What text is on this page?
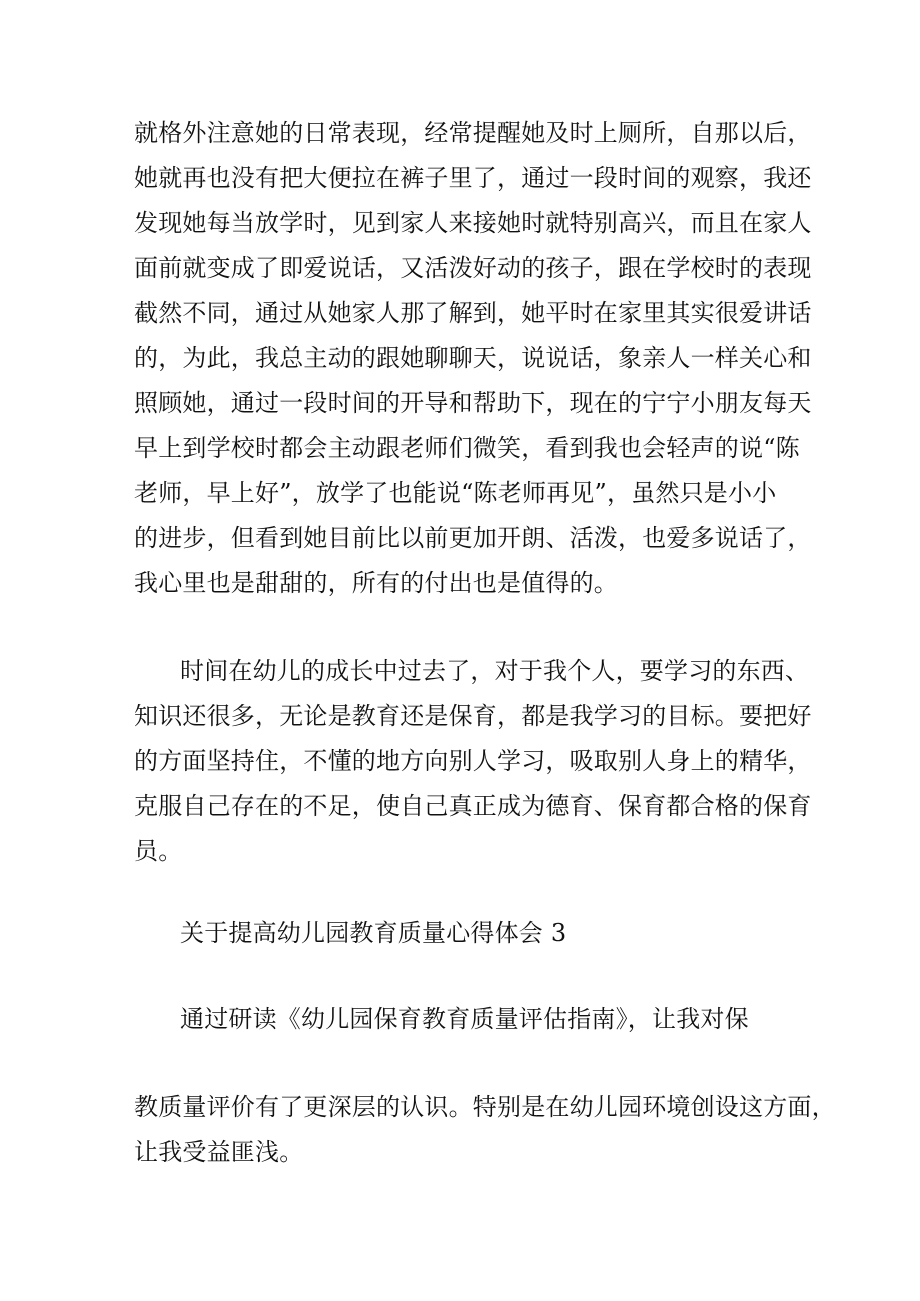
就格外注意她的日常表现，经常提醒她及时上厕所，自那以后，
她就再也没有把大便拉在裤子里了，通过一段时间的观察，我还
发现她每当放学时，见到家人来接她时就特别高兴，而且在家人
面前就变成了即爱说话，又活泼好动的孩子，跟在学校时的表现
截然不同，通过从她家人那了解到，她平时在家里其实很爱讲话
的，为此，我总主动的跟她聊聊天，说说话，象亲人一样关心和
照顾她，通过一段时间的开导和帮助下，现在的宁宁小朋友每天
早上到学校时都会主动跟老师们微笑，看到我也会轻声的说“陈
老师，早上好”，放学了也能说“陈老师再见”，虽然只是小小
的进步，但看到她目前比以前更加开朗、活泼，也爱多说话了，
我心里也是甜甜的，所有的付出也是值得的。
时间在幼儿的成长中过去了，对于我个人，要学习的东西、
知识还很多，无论是教育还是保育，都是我学习的目标。要把好
的方面坚持住，不懂的地方向别人学习，吸取别人身上的精华，
克服自己存在的不足，使自己真正成为德育、保育都合格的保育
员。
关于提高幼儿园教育质量心得体会 3
通过研读《幼儿园保育教育质量评估指南》，让我对保
教质量评价有了更深层的认识。特别是在幼儿园环境创设这方面，
让我受益匪浅。
